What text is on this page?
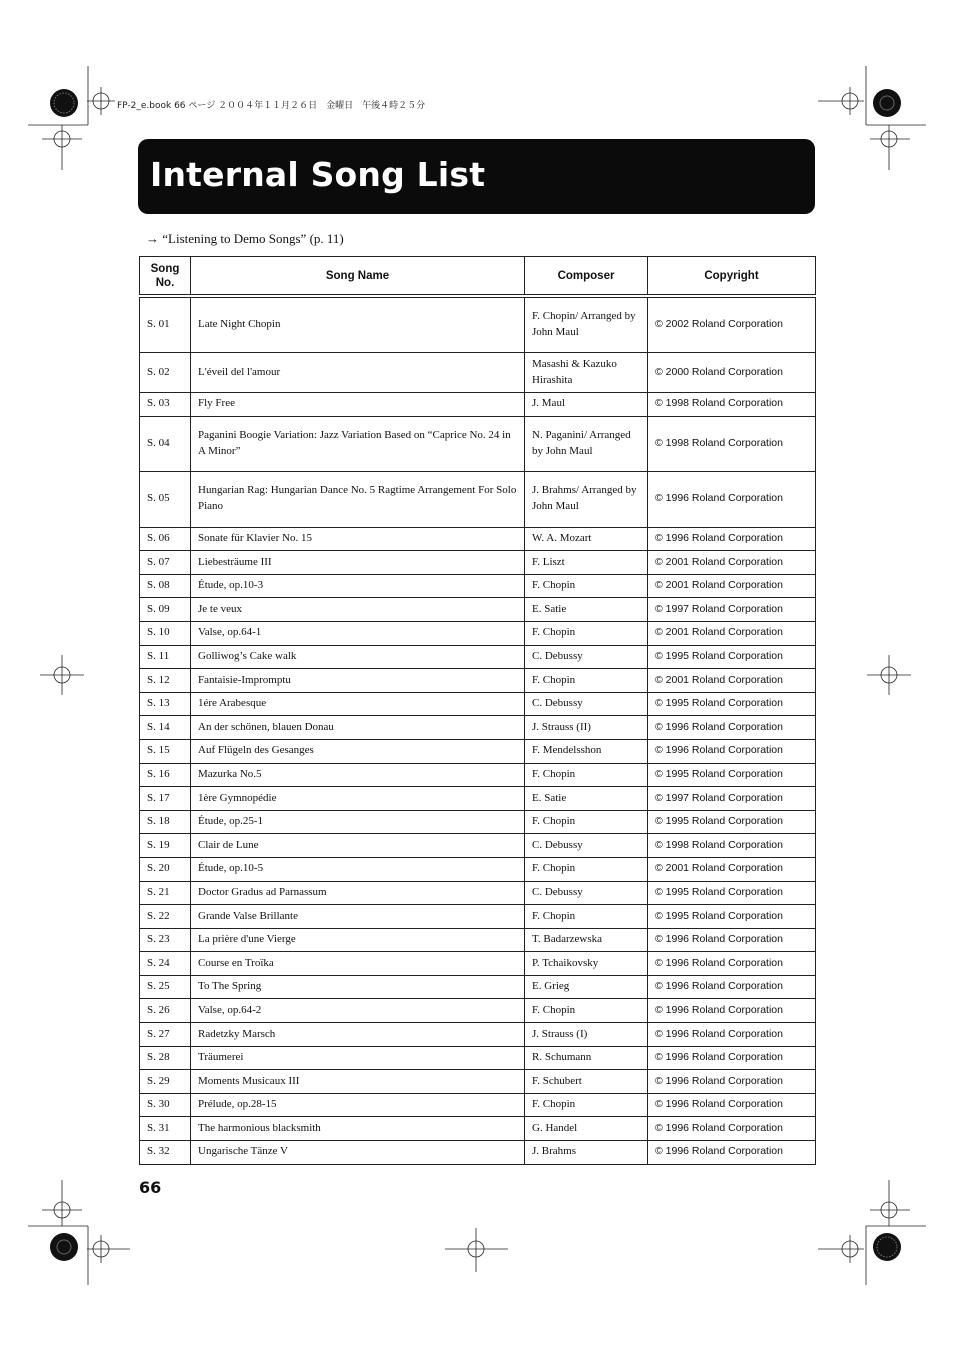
FP-2_e.book 66 ページ ２００４年１１月２６日　金曜日　午後４時２５分
Internal Song List
→ “Listening to Demo Songs” (p. 11)
Song No.	Song Name	Composer	Copyright
S. 01	Late Night Chopin	F. Chopin/ Arranged by John Maul	© 2002 Roland Corporation
S. 02	L'éveil del l'amour	Masashi & Kazuko Hirashita	© 2000 Roland Corporation
S. 03	Fly Free	J. Maul	© 1998 Roland Corporation
S. 04	Paganini Boogie Variation: Jazz Variation Based on “Caprice No. 24 in A Minor”	N. Paganini/ Arranged by John Maul	© 1998 Roland Corporation
S. 05	Hungarian Rag: Hungarian Dance No. 5 Ragtime Arrangement For Solo Piano	J. Brahms/ Arranged by John Maul	© 1996 Roland Corporation
S. 06	Sonate für Klavier No. 15	W. A. Mozart	© 1996 Roland Corporation
S. 07	Liebesträume III	F. Liszt	© 2001 Roland Corporation
S. 08	Étude, op.10-3	F. Chopin	© 2001 Roland Corporation
S. 09	Je te veux	E. Satie	© 1997 Roland Corporation
S. 10	Valse, op.64-1	F. Chopin	© 2001 Roland Corporation
S. 11	Golliwog’s Cake walk	C. Debussy	© 1995 Roland Corporation
S. 12	Fantaisie-Impromptu	F. Chopin	© 2001 Roland Corporation
S. 13	1ére Arabesque	C. Debussy	© 1995 Roland Corporation
S. 14	An der schönen, blauen Donau	J. Strauss (II)	© 1996 Roland Corporation
S. 15	Auf Flügeln des Gesanges	F. Mendelsshon	© 1996 Roland Corporation
S. 16	Mazurka No.5	F. Chopin	© 1995 Roland Corporation
S. 17	1ère Gymnopédie	E. Satie	© 1997 Roland Corporation
S. 18	Étude, op.25-1	F. Chopin	© 1995 Roland Corporation
S. 19	Clair de Lune	C. Debussy	© 1998 Roland Corporation
S. 20	Étude, op.10-5	F. Chopin	© 2001 Roland Corporation
S. 21	Doctor Gradus ad Parnassum	C. Debussy	© 1995 Roland Corporation
S. 22	Grande Valse Brillante	F. Chopin	© 1995 Roland Corporation
S. 23	La prière d'une Vierge	T. Badarzewska	© 1996 Roland Corporation
S. 24	Course en Troïka	P. Tchaikovsky	© 1996 Roland Corporation
S. 25	To The Spring	E. Grieg	© 1996 Roland Corporation
S. 26	Valse, op.64-2	F. Chopin	© 1996 Roland Corporation
S. 27	Radetzky Marsch	J. Strauss (I)	© 1996 Roland Corporation
S. 28	Träumerei	R. Schumann	© 1996 Roland Corporation
S. 29	Moments Musicaux III	F. Schubert	© 1996 Roland Corporation
S. 30	Prélude, op.28-15	F. Chopin	© 1996 Roland Corporation
S. 31	The harmonious blacksmith	G. Handel	© 1996 Roland Corporation
S. 32	Ungarische Tänze V	J. Brahms	© 1996 Roland Corporation
66
